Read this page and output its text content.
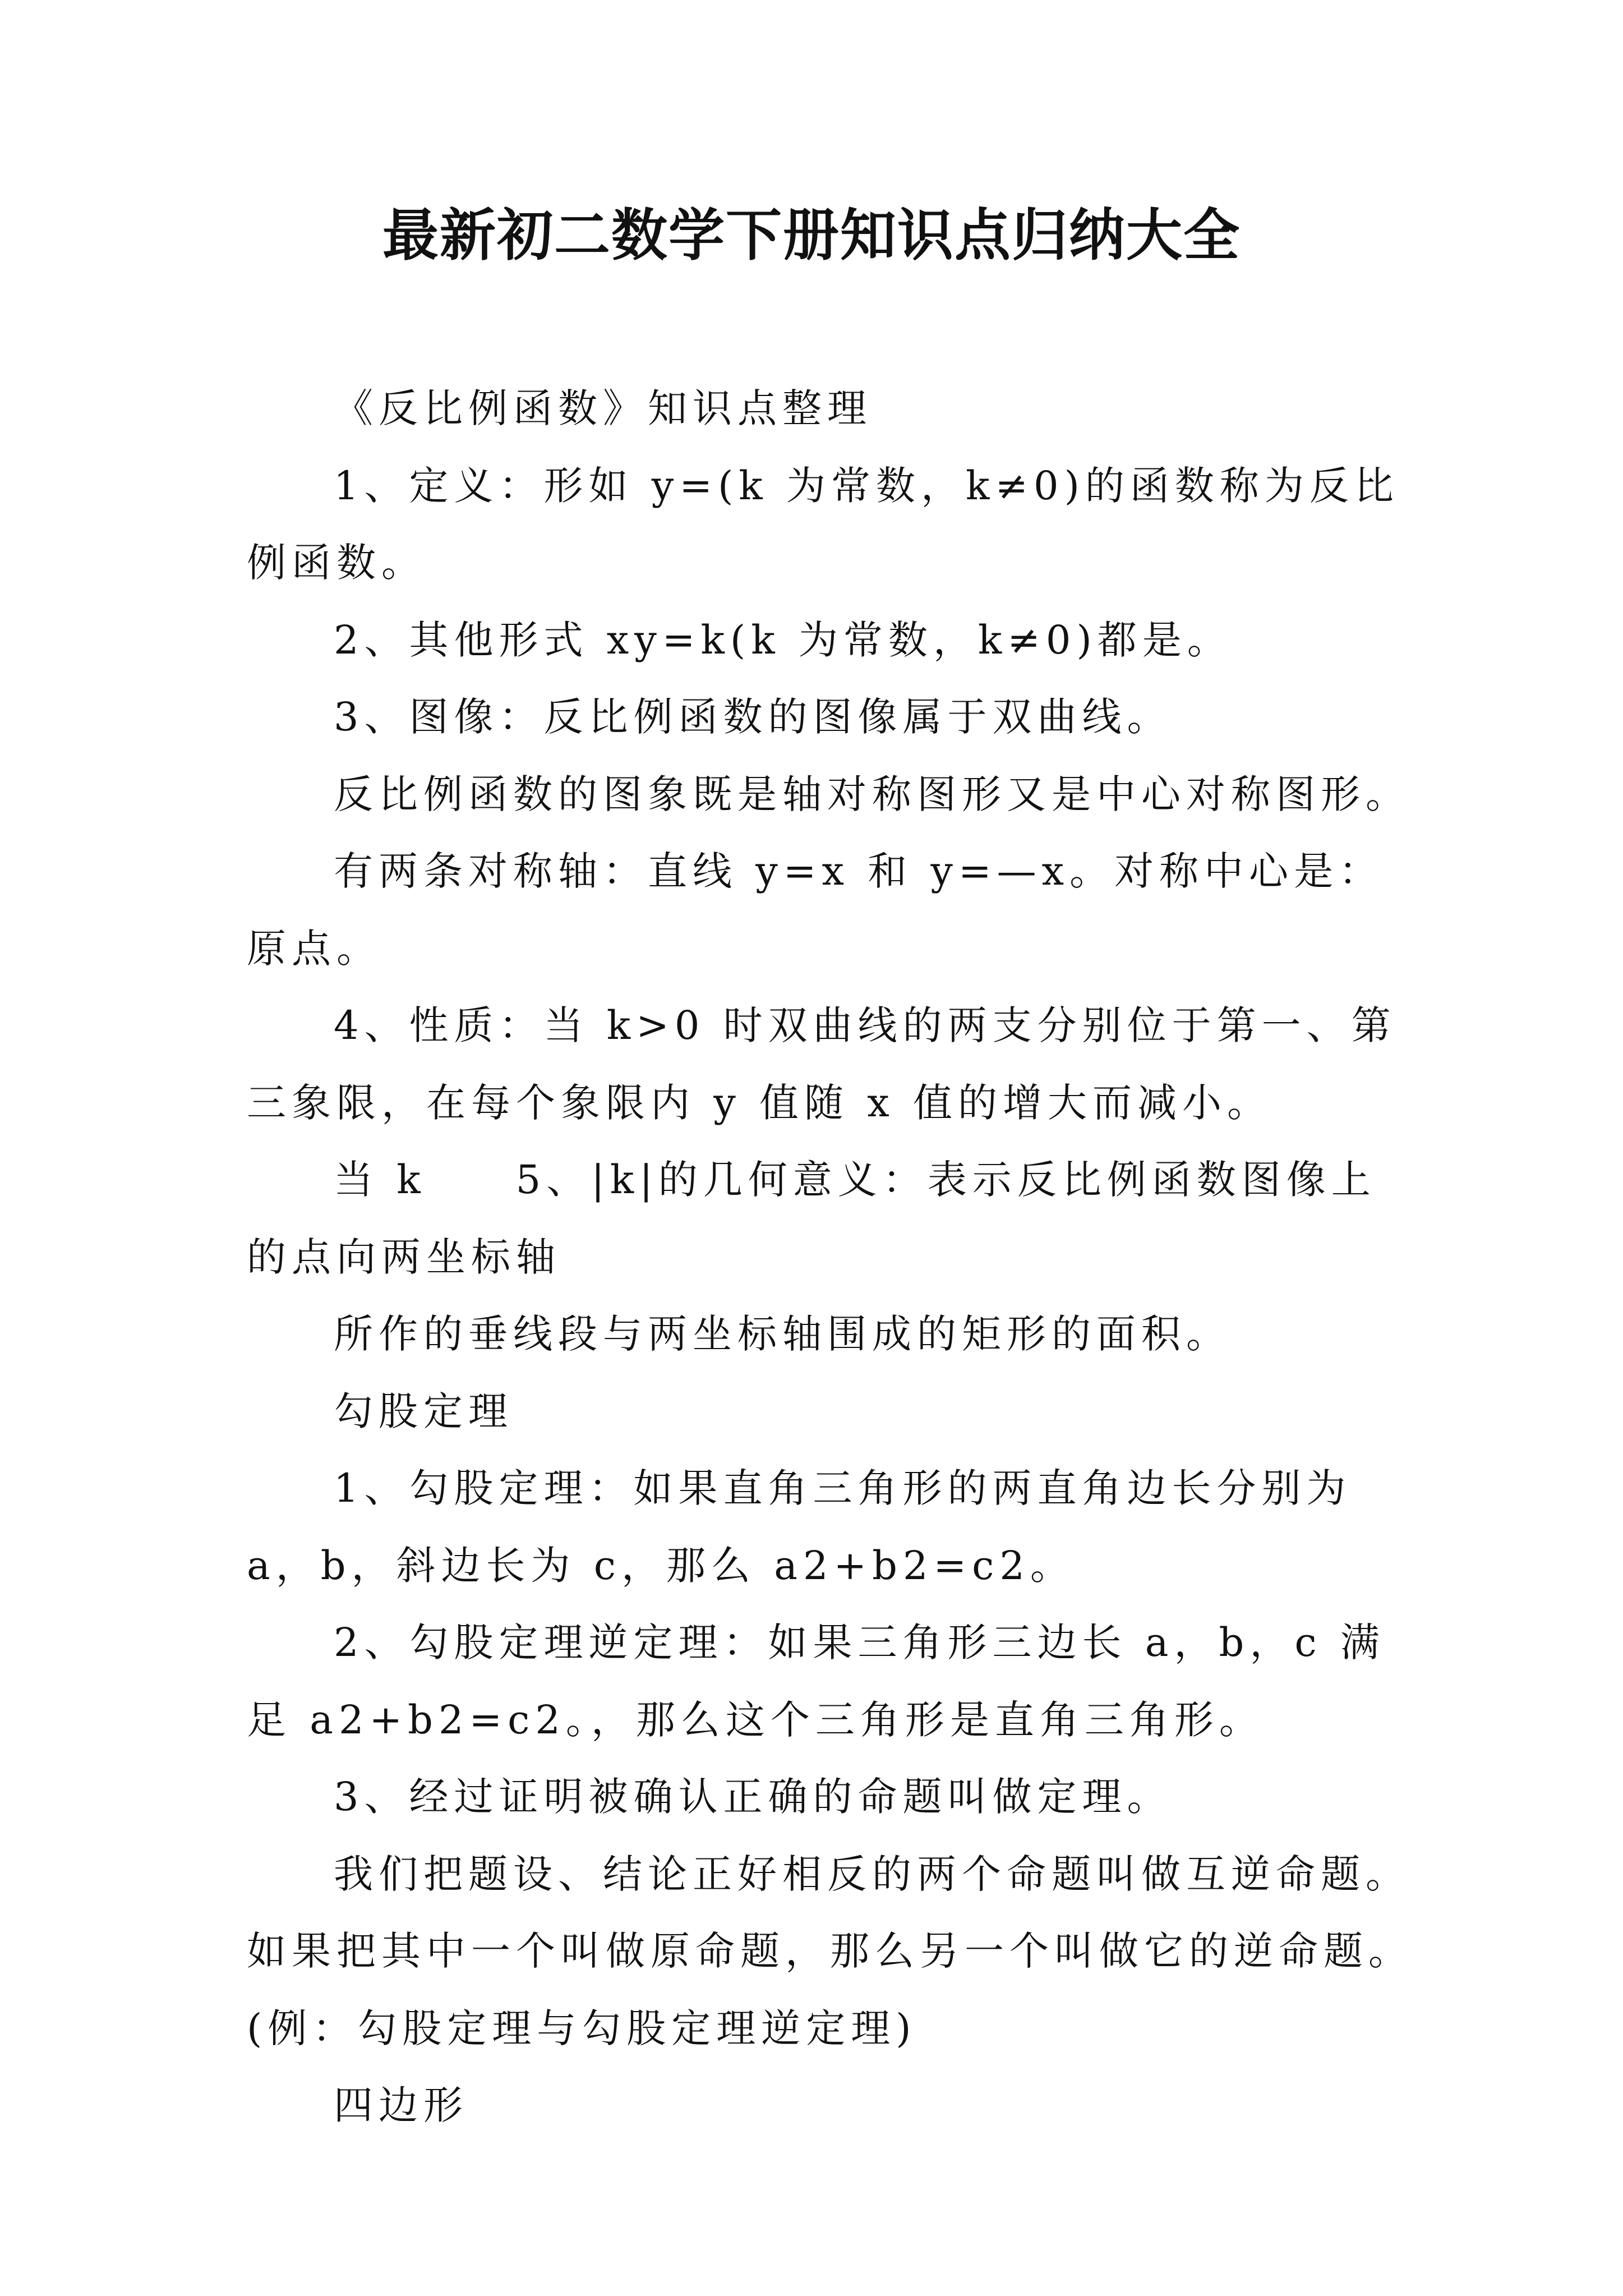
最新初二数学下册知识点归纳大全

《反比例函数》知识点整理

1、定义：形如 y=(k 为常数，k≠0)的函数称为反比例函数。

2、其他形式 xy=k(k 为常数，k≠0)都是。

3、图像：反比例函数的图像属于双曲线。

反比例函数的图象既是轴对称图形又是中心对称图形。

有两条对称轴：直线 y=x 和 y=—x。对称中心是：原点。

4、性质：当 k>0 时双曲线的两支分别位于第一、第三象限，在每个象限内 y 值随 x 值的增大而减小。

当 k　　5、|k|的几何意义：表示反比例函数图像上的点向两坐标轴

所作的垂线段与两坐标轴围成的矩形的面积。

勾股定理

1、勾股定理：如果直角三角形的两直角边长分别为 a，b，斜边长为 c，那么 a2+b2=c2。

2、勾股定理逆定理：如果三角形三边长 a，b，c 满足 a2+b2=c2。，那么这个三角形是直角三角形。

3、经过证明被确认正确的命题叫做定理。

我们把题设、结论正好相反的两个命题叫做互逆命题。如果把其中一个叫做原命题，那么另一个叫做它的逆命题。(例：勾股定理与勾股定理逆定理)

四边形
